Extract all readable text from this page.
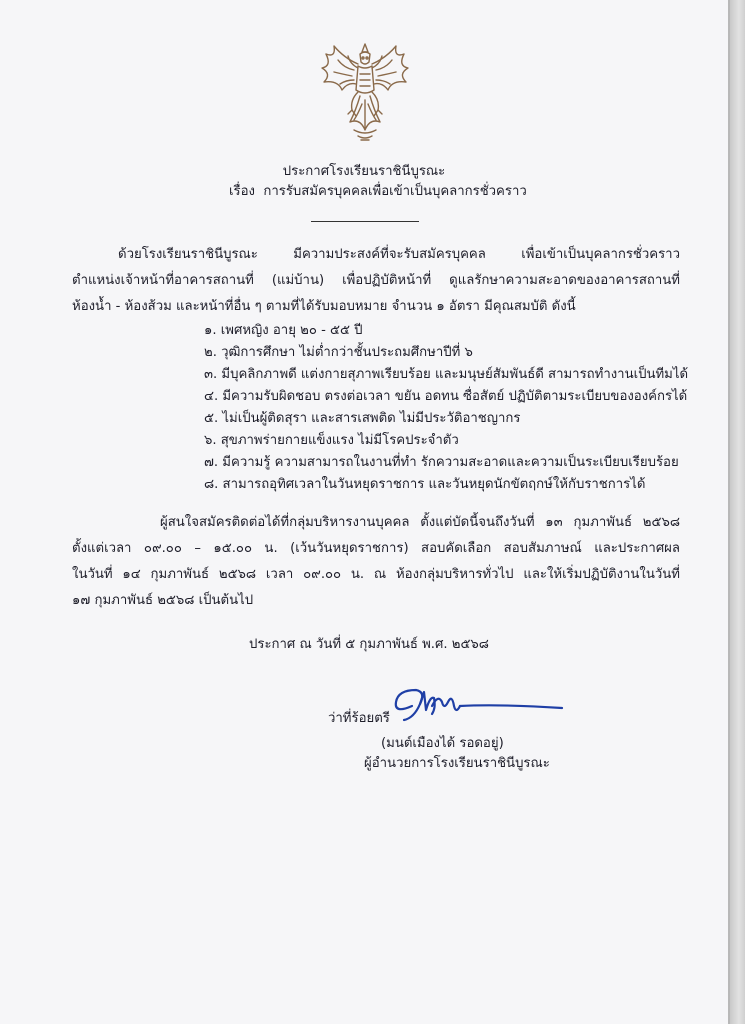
ประกาศโรงเรียนราชินีบูรณะ
เรื่อง การรับสมัครบุคคลเพื่อเข้าเป็นบุคลากรชั่วคราว
ด้วยโรงเรียนราชินีบูรณะ มีความประสงค์ที่จะรับสมัครบุคคล เพื่อเข้าเป็นบุคลากรชั่วคราว
ตำแหน่งเจ้าหน้าที่อาคารสถานที่ (แม่บ้าน) เพื่อปฏิบัติหน้าที่ ดูแลรักษาความสะอาดของอาคารสถานที่
ห้องน้ำ - ห้องส้วม และหน้าที่อื่น ๆ ตามที่ได้รับมอบหมาย จำนวน ๑ อัตรา มีคุณสมบัติ ดังนี้
๑. เพศหญิง อายุ ๒๐ - ๕๕ ปี
๒. วุฒิการศึกษา ไม่ต่ำกว่าชั้นประถมศึกษาปีที่ ๖
๓. มีบุคลิกภาพดี แต่งกายสุภาพเรียบร้อย และมนุษย์สัมพันธ์ดี สามารถทำงานเป็นทีมได้
๔. มีความรับผิดชอบ ตรงต่อเวลา ขยัน อดทน ซื่อสัตย์ ปฏิบัติตามระเบียบขององค์กรได้
๕. ไม่เป็นผู้ติดสุรา และสารเสพติด ไม่มีประวัติอาชญากร
๖. สุขภาพร่ายกายแข็งแรง ไม่มีโรคประจำตัว
๗. มีความรู้ ความสามารถในงานที่ทำ รักความสะอาดและความเป็นระเบียบเรียบร้อย
๘. สามารถอุทิศเวลาในวันหยุดราชการ และวันหยุดนักขัตฤกษ์ให้กับราชการได้
ผู้สนใจสมัครติดต่อได้ที่กลุ่มบริหารงานบุคคล ตั้งแต่บัดนี้จนถึงวันที่ ๑๓ กุมภาพันธ์ ๒๕๖๘
ตั้งแต่เวลา ๐๙.๐๐ – ๑๕.๐๐ น. (เว้นวันหยุดราชการ) สอบคัดเลือก สอบสัมภาษณ์ และประกาศผล
ในวันที่ ๑๔ กุมภาพันธ์ ๒๕๖๘ เวลา ๐๙.๐๐ น. ณ ห้องกลุ่มบริหารทั่วไป และให้เริ่มปฏิบัติงานในวันที่
๑๗ กุมภาพันธ์ ๒๕๖๘ เป็นต้นไป
ประกาศ ณ วันที่ ๕ กุมภาพันธ์ พ.ศ. ๒๕๖๘
ว่าที่ร้อยตรี
(มนต์เมืองได้ รอดอยู่)
ผู้อำนวยการโรงเรียนราชินีบูรณะ
